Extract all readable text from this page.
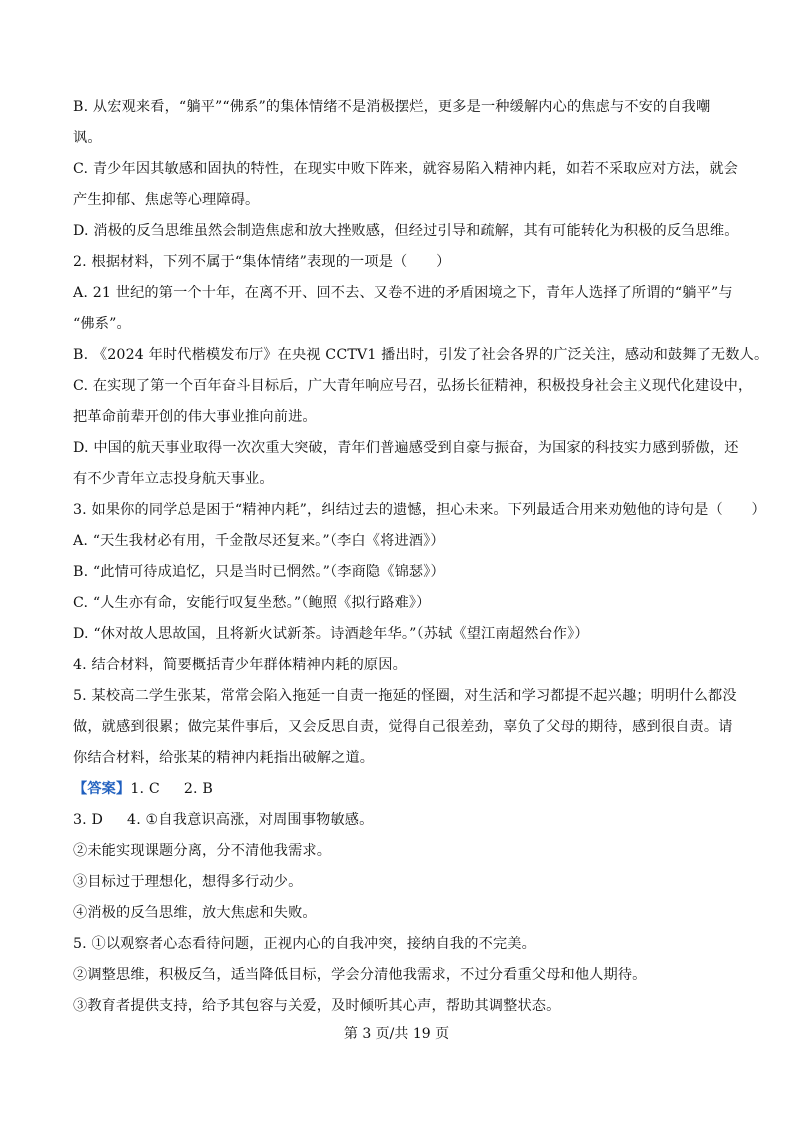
B. 从宏观来看，“躺平”“佛系”的集体情绪不是消极摆烂，更多是一种缓解内心的焦虑与不安的自我嘲
讽。
C. 青少年因其敏感和固执的特性，在现实中败下阵来，就容易陷入精神内耗，如若不采取应对方法，就会
产生抑郁、焦虑等心理障碍。
D. 消极的反刍思维虽然会制造焦虑和放大挫败感，但经过引导和疏解，其有可能转化为积极的反刍思维。
2. 根据材料，下列不属于“集体情绪”表现的一项是（　　）
A. 21 世纪的第一个十年，在离不开、回不去、又卷不进的矛盾困境之下，青年人选择了所谓的“躺平”与
“佛系”。
B. 《2024 年时代楷模发布厅》在央视 CCTV1 播出时，引发了社会各界的广泛关注，感动和鼓舞了无数人。
C. 在实现了第一个百年奋斗目标后，广大青年响应号召，弘扬长征精神，积极投身社会主义现代化建设中，
把革命前辈开创的伟大事业推向前进。
D. 中国的航天事业取得一次次重大突破，青年们普遍感受到自豪与振奋，为国家的科技实力感到骄傲，还
有不少青年立志投身航天事业。
3. 如果你的同学总是困于“精神内耗”，纠结过去的遗憾，担心未来。下列最适合用来劝勉他的诗句是（　　）
A. “天生我材必有用，千金散尽还复来。”（李白《将进酒》）
B. “此情可待成追忆，只是当时已惘然。”（李商隐《锦瑟》）
C. “人生亦有命，安能行叹复坐愁。”（鲍照《拟行路难》）
D. “休对故人思故国，且将新火试新茶。诗酒趁年华。”（苏轼《望江南超然台作》）
4. 结合材料，简要概括青少年群体精神内耗的原因。
5. 某校高二学生张某，常常会陷入拖延一自责一拖延的怪圈，对生活和学习都提不起兴趣；明明什么都没
做，就感到很累；做完某件事后，又会反思自责，觉得自己很差劲，辜负了父母的期待，感到很自责。请
你结合材料，给张某的精神内耗指出破解之道。
【答案】1. C 2. B
3. D 4. ①自我意识高涨，对周围事物敏感。
②未能实现课题分离，分不清他我需求。
③目标过于理想化，想得多行动少。
④消极的反刍思维，放大焦虑和失败。
5. ①以观察者心态看待问题，正视内心的自我冲突，接纳自我的不完美。
②调整思维，积极反刍，适当降低目标，学会分清他我需求，不过分看重父母和他人期待。
③教育者提供支持，给予其包容与关爱，及时倾听其心声，帮助其调整状态。
第 3 页/共 19 页
